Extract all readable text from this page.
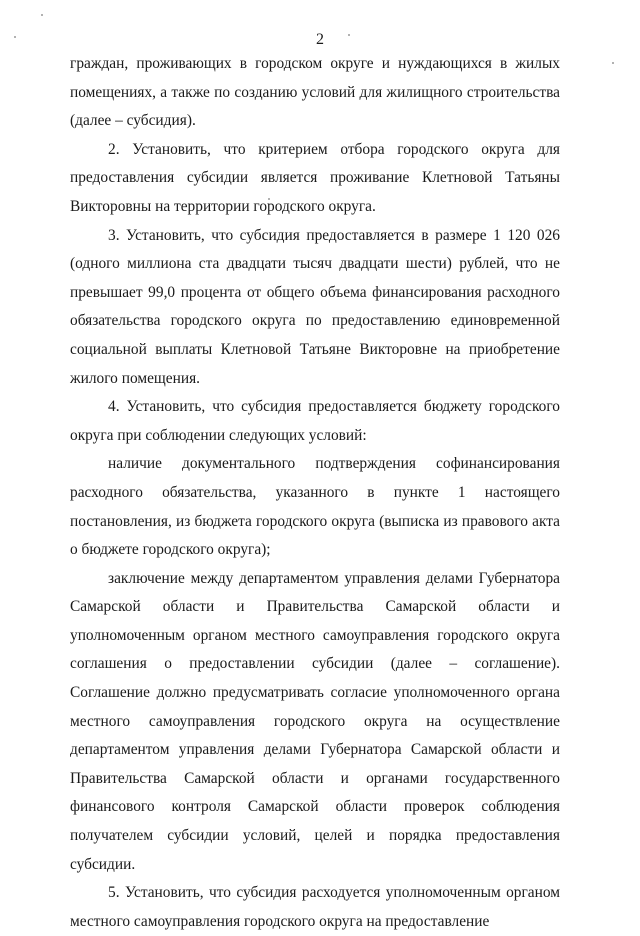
2

граждан, проживающих в городском округе и нуждающихся в жилых помещениях, а также по созданию условий для жилищного строительства (далее – субсидия).

2. Установить, что критерием отбора городского округа для предоставления субсидии является проживание Клетновой Татьяны Викторовны на территории городского округа.

3. Установить, что субсидия предоставляется в размере 1 120 026 (одного миллиона ста двадцати тысяч двадцати шести) рублей, что не превышает 99,0 процента от общего объема финансирования расходного обязательства городского округа по предоставлению единовременной социальной выплаты Клетновой Татьяне Викторовне на приобретение жилого помещения.

4. Установить, что субсидия предоставляется бюджету городского округа при соблюдении следующих условий:

наличие документального подтверждения софинансирования расходного обязательства, указанного в пункте 1 настоящего постановления, из бюджета городского округа (выписка из правового акта о бюджете городского округа);

заключение между департаментом управления делами Губернатора Самарской области и Правительства Самарской области и уполномоченным органом местного самоуправления городского округа соглашения о предоставлении субсидии (далее – соглашение). Соглашение должно предусматривать согласие уполномоченного органа местного самоуправления городского округа на осуществление департаментом управления делами Губернатора Самарской области и Правительства Самарской области и органами государственного финансового контроля Самарской области проверок соблюдения получателем субсидии условий, целей и порядка предоставления субсидии.

5. Установить, что субсидия расходуется уполномоченным органом местного самоуправления городского округа на предоставление
